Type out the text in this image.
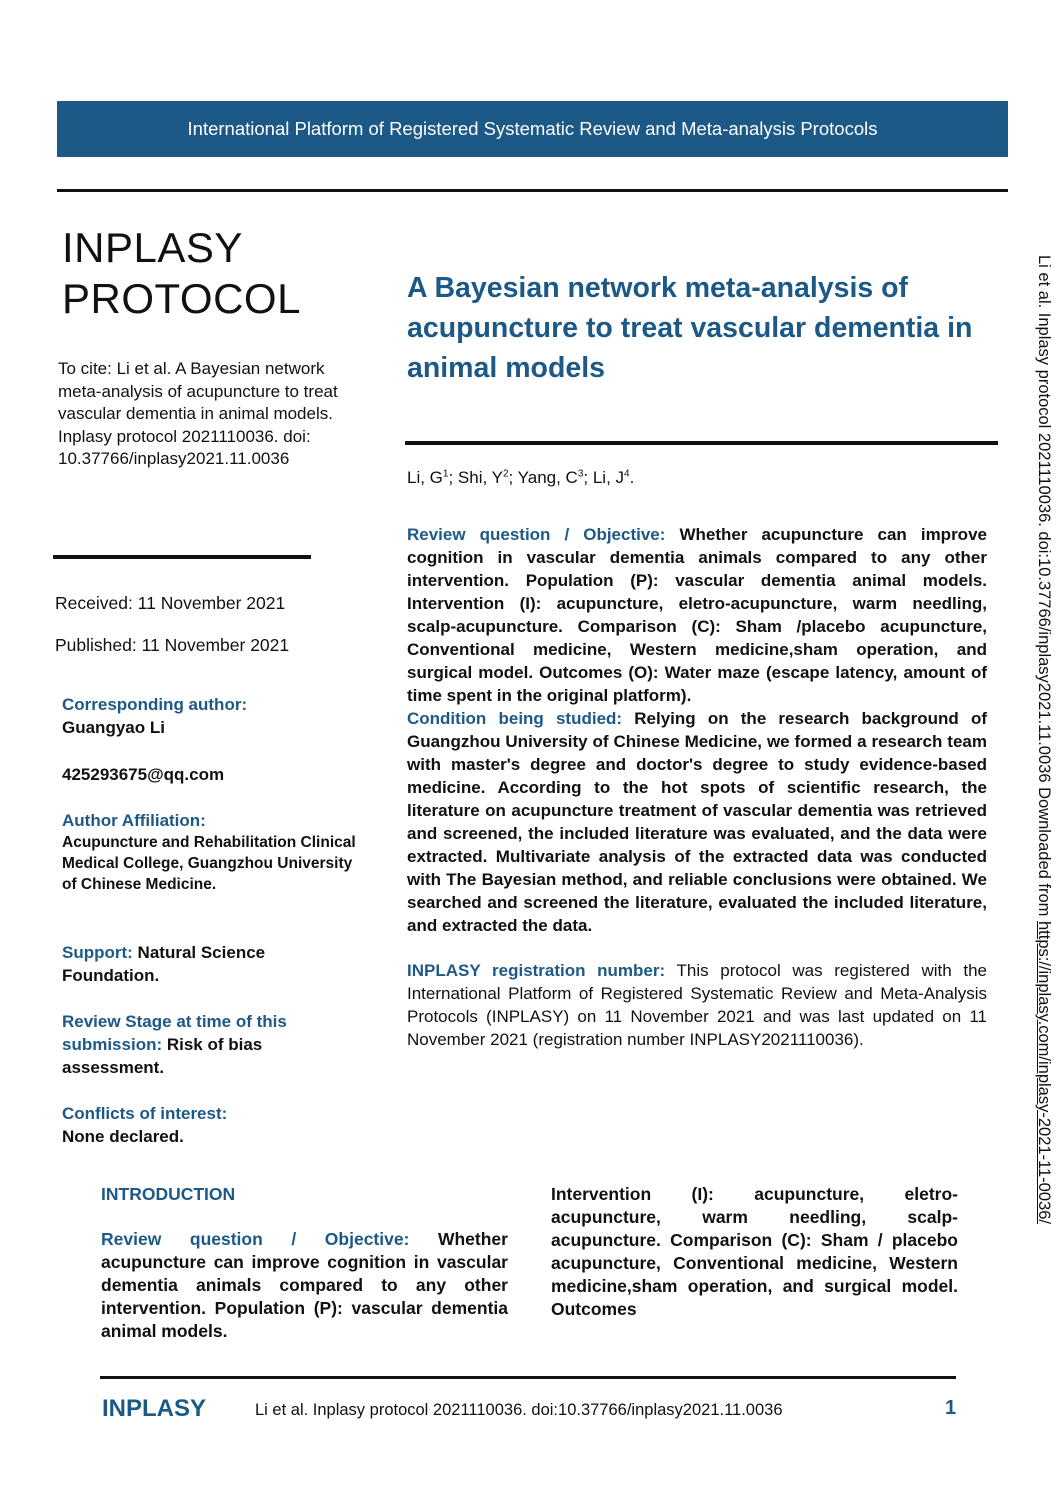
International Platform of Registered Systematic Review and Meta-analysis Protocols
INPLASY
PROTOCOL
To cite: Li et al. A Bayesian network meta-analysis of acupuncture to treat vascular dementia in animal models. Inplasy protocol 2021110036. doi: 10.37766/inplasy2021.11.0036
Received: 11 November 2021
Published: 11 November 2021
Corresponding author:
Guangyao Li
425293675@qq.com
Author Affiliation:
Acupuncture and Rehabilitation Clinical Medical College, Guangzhou University of Chinese Medicine.
Support: Natural Science Foundation.
Review Stage at time of this submission: Risk of bias assessment.
Conflicts of interest:
None declared.
A Bayesian network meta-analysis of acupuncture to treat vascular dementia in animal models
Li, $G^1$; Shi, $Y^2$; Yang, $C^3$; Li, $J^4$.
Review question / Objective: Whether acupuncture can improve cognition in vascular dementia animals compared to any other intervention. Population (P): vascular dementia animal models. Intervention (I): acupuncture, eletro-acupuncture, warm needling, scalp-acupuncture. Comparison (C): Sham /placebo acupuncture, Conventional medicine, Western medicine,sham operation, and surgical model. Outcomes (O): Water maze (escape latency, amount of time spent in the original platform).
Condition being studied: Relying on the research background of Guangzhou University of Chinese Medicine, we formed a research team with master's degree and doctor's degree to study evidence-based medicine. According to the hot spots of scientific research, the literature on acupuncture treatment of vascular dementia was retrieved and screened, the included literature was evaluated, and the data were extracted. Multivariate analysis of the extracted data was conducted with The Bayesian method, and reliable conclusions were obtained. We searched and screened the literature, evaluated the included literature, and extracted the data.
INPLASY registration number: This protocol was registered with the International Platform of Registered Systematic Review and Meta-Analysis Protocols (INPLASY) on 11 November 2021 and was last updated on 11 November 2021 (registration number INPLASY2021110036).
Li et al. Inplasy protocol 2021110036. doi:10.37766/inplasy2021.11.0036 Downloaded from https://inplasy.com/inplasy-2021-11-0036/
INTRODUCTION
Review question / Objective: Whether acupuncture can improve cognition in vascular dementia animals compared to any other intervention. Population (P): vascular dementia animal models.
Intervention (I): acupuncture, eletro-acupuncture, warm needling, scalp-acupuncture. Comparison (C): Sham / placebo acupuncture, Conventional medicine, Western medicine,sham operation, and surgical model. Outcomes
INPLASY	Li et al. Inplasy protocol 2021110036. doi:10.37766/inplasy2021.11.0036	1
